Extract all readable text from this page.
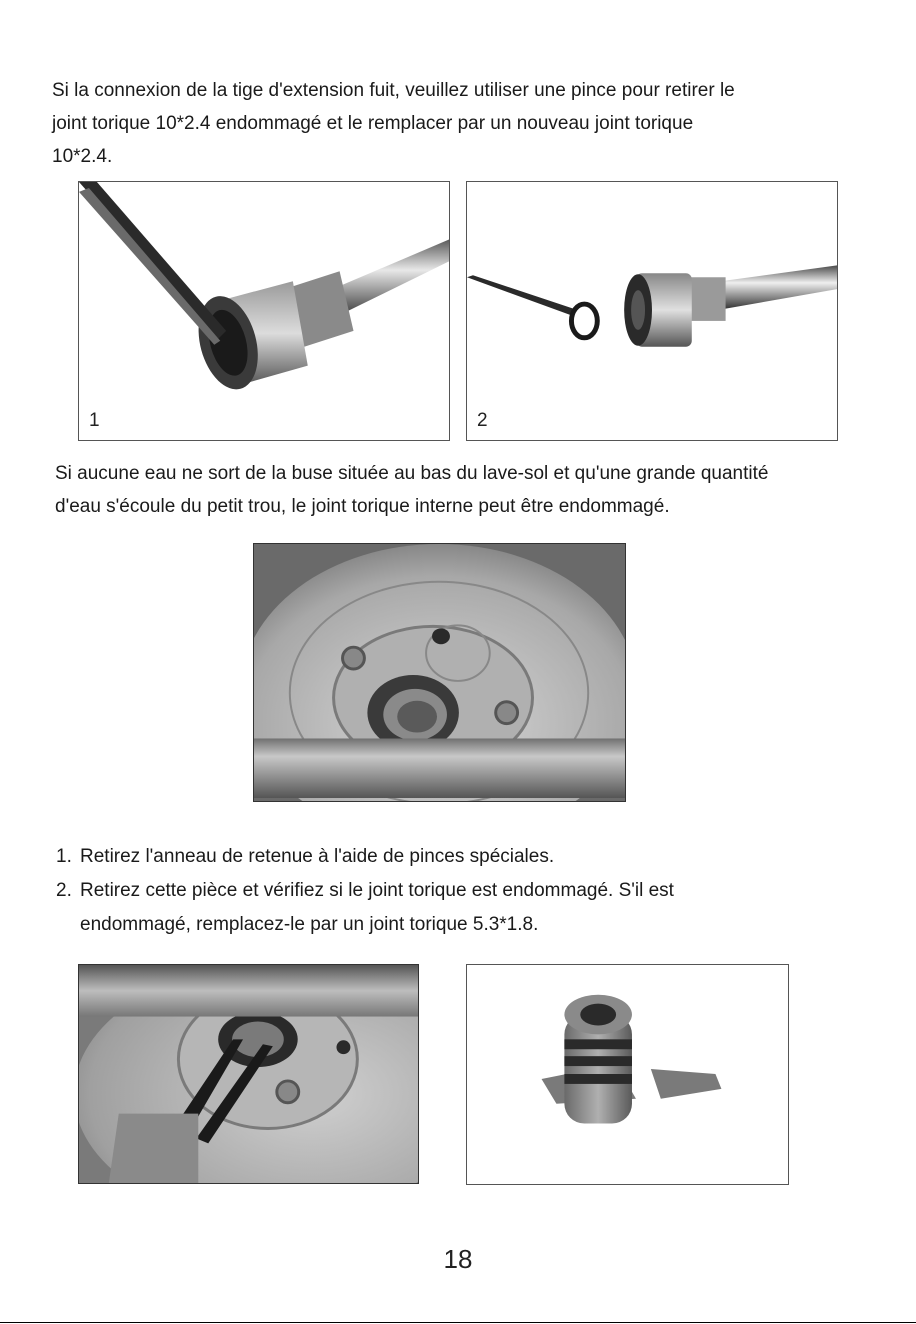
Si la connexion de la tige d'extension fuit, veuillez utiliser une pince pour retirer le
joint torique 10*2.4 endommagé et le remplacer par un nouveau joint torique
10*2.4.
1	2
Si aucune eau ne sort de la buse située au bas du lave-sol et qu'une grande quantité
d'eau s'écoule du petit trou, le joint torique interne peut être endommagé.
1. Retirez l'anneau de retenue à l'aide de pinces spéciales.
2. Retirez cette pièce et vérifiez si le joint torique est endommagé. S'il est
endommagé, remplacez-le par un joint torique 5.3*1.8.
18
